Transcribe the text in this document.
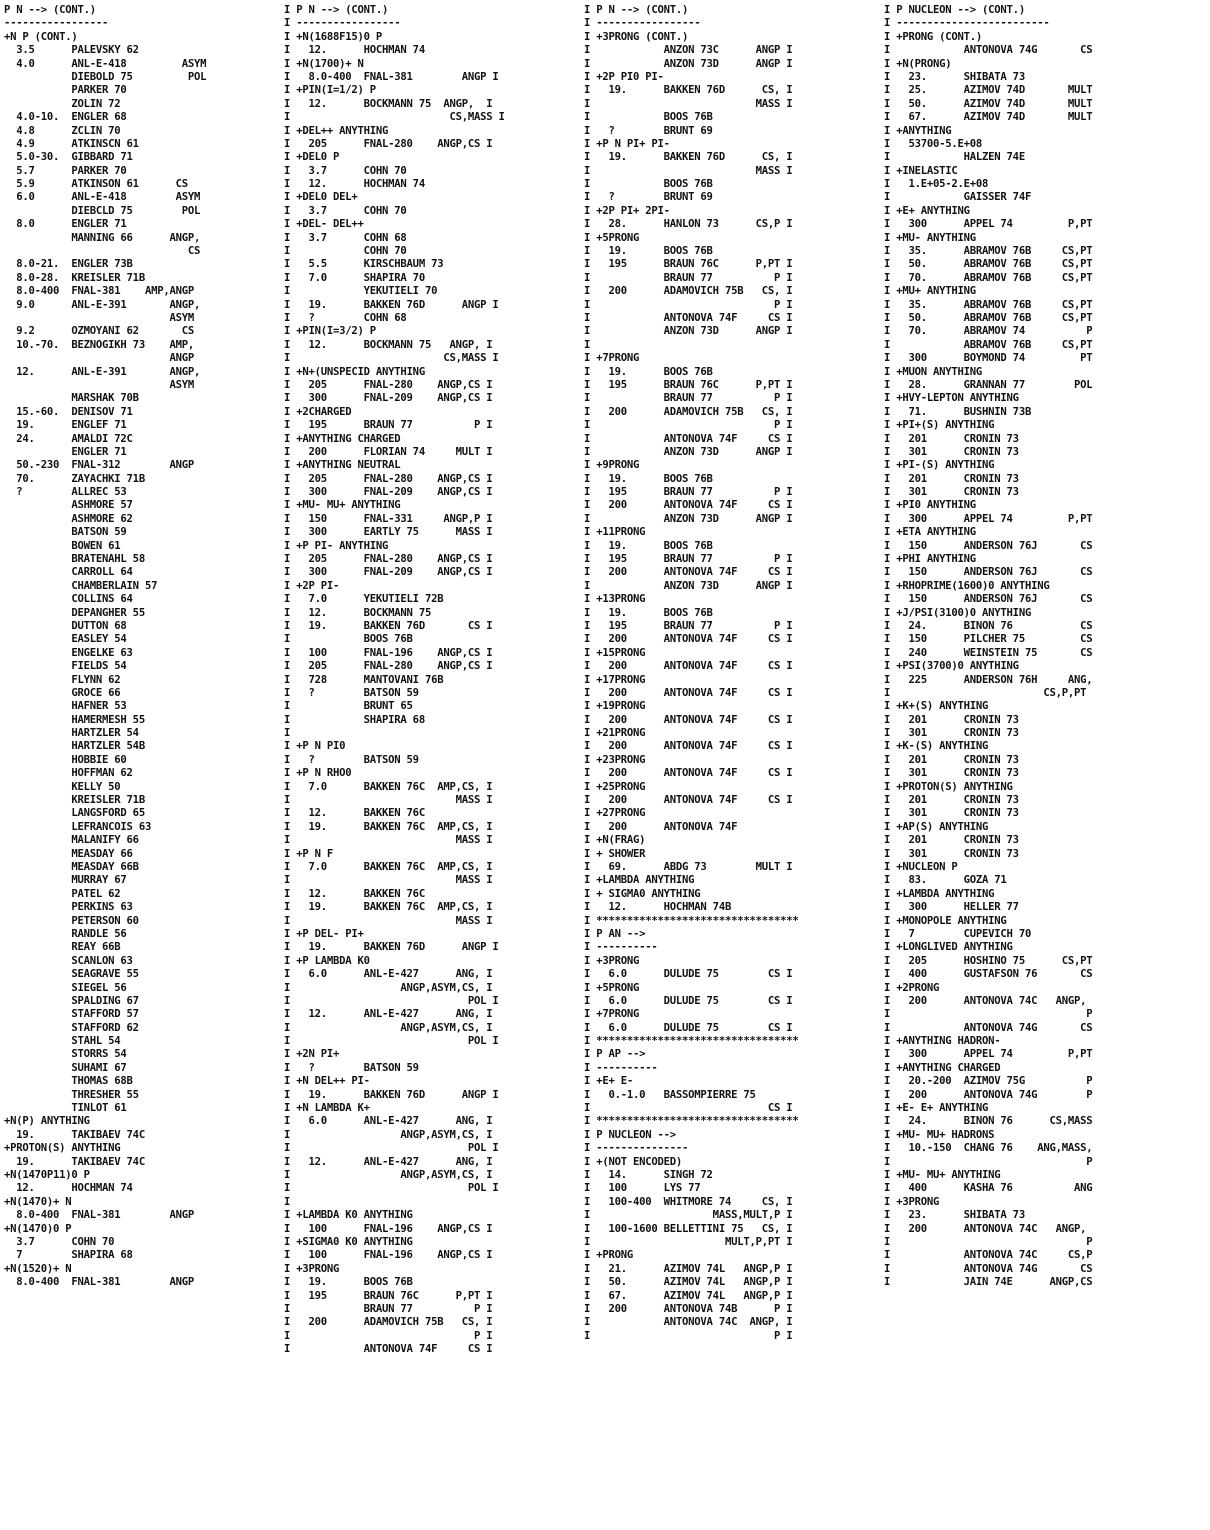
P N --> (CONT.)
-----------------
+N P (CONT.)
3.5      PALEVSKY 62
4.0      ANL-E-418         ASYM
DIEBOLD 75         POL
PARKER 70
ZOLIN 72
4.0-10.  ENGLER 68
4.8      ZCLIN 70
4.9      ATKINSCN 61
5.0-30.  GIBBARD 71
5.7      PARKER 70
5.9      ATKINSON 61      CS
6.0      ANL-E-418        ASYM
DIEBCLD 75        POL
8.0      ENGLER 71
MANNING 66      ANGP,
CS
8.0-21.  ENGLER 73B
8.0-28.  KREISLER 71B
8.0-400  FNAL-381    AMP,ANGP
9.0      ANL-E-391       ANGP,
ASYM
9.2      OZMOYANI 62       CS
10.-70.  BEZNOGIKH 73    AMP,
ANGP
12.      ANL-E-391       ANGP,
ASYM
MARSHAK 70B
15.-60.  DENISOV 71
19.      ENGLEF 71
24.      AMALDI 72C
ENGLER 71
50.-230  FNAL-312        ANGP
70.      ZAYACHKI 71B
?        ALLREC 53
ASHMORE 57
ASHMORE 62
BATSON 59
BOWEN 61
BRATENAHL 58
CARROLL 64
CHAMBERLAIN 57
COLLINS 64
DEPANGHER 55
DUTTON 68
EASLEY 54
ENGELKE 63
FIELDS 54
FLYNN 62
GROCE 66
HAFNER 53
HAMERMESH 55
HARTZLER 54
HARTZLER 54B
HOBBIE 60
HOFFMAN 62
KELLY 50
KREISLER 71B
LANGSFORD 65
LEFRANCOIS 63
MALANIFY 66
MEASDAY 66
MEASDAY 66B
MURRAY 67
PATEL 62
PERKINS 63
PETERSON 60
RANDLE 56
REAY 66B
SCANLON 63
SEAGRAVE 55
SIEGEL 56
SPALDING 67
STAFFORD 57
STAFFORD 62
STAHL 54
STORRS 54
SUHAMI 67
THOMAS 68B
THRESHER 55
TINLOT 61
+N(P) ANYTHING
19.      TAKIBAEV 74C
+PROTON(S) ANYTHING
19.      TAKIBAEV 74C
+N(1470P11)0 P
12.      HOCHMAN 74
+N(1470)+ N
8.0-400  FNAL-381        ANGP
+N(1470)0 P
3.7      COHN 70
7        SHAPIRA 68
+N(1520)+ N
8.0-400  FNAL-381        ANGP
I P N --> (CONT.)
I -----------------
I +N(1688F15)0 P
I   12.      HOCHMAN 74
I +N(1700)+ N
I   8.0-400  FNAL-381        ANGP I
I +PIN(I=1/2) P
I   12.      BOCKMANN 75  ANGP,  I
I                          CS,MASS I
I +DEL++ ANYTHING
I   205      FNAL-280    ANGP,CS I
I +DEL0 P
I   3.7      COHN 70
I   12.      HOCHMAN 74
I +DEL0 DEL+
I   3.7      COHN 70
I +DEL- DEL++
I   3.7      COHN 68
I            COHN 70
I   5.5      KIRSCHBAUM 73
I   7.0      SHAPIRA 70
I            YEKUTIELI 70
I   19.      BAKKEN 76D      ANGP I
I   ?        COHN 68
I +PIN(I=3/2) P
I   12.      BOCKMANN 75   ANGP, I
I                         CS,MASS I
I +N+(UNSPECID ANYTHING
I   205      FNAL-280    ANGP,CS I
I   300      FNAL-209    ANGP,CS I
I +2CHARGED
I   195      BRAUN 77          P I
I +ANYTHING CHARGED
I   200      FLORIAN 74     MULT I
I +ANYTHING NEUTRAL
I   205      FNAL-280    ANGP,CS I
I   300      FNAL-209    ANGP,CS I
I +MU- MU+ ANYTHING
I   150      FNAL-331     ANGP,P I
I   300      EARTLY 75      MASS I
I +P PI- ANYTHING
I   205      FNAL-280    ANGP,CS I
I   300      FNAL-209    ANGP,CS I
I +2P PI-
I   7.0      YEKUTIELI 72B
I   12.      BOCKMANN 75
I   19.      BAKKEN 76D       CS I
I            BOOS 76B
I   100      FNAL-196    ANGP,CS I
I   205      FNAL-280    ANGP,CS I
I   728      MANTOVANI 76B
I   ?        BATSON 59
I            BRUNT 65
I            SHAPIRA 68
I
I +P N PI0
I   ?        BATSON 59
I +P N RHO0
I   7.0      BAKKEN 76C  AMP,CS, I
I                           MASS I
I   12.      BAKKEN 76C
I   19.      BAKKEN 76C  AMP,CS, I
I                           MASS I
I +P N F
I   7.0      BAKKEN 76C  AMP,CS, I
I                           MASS I
I   12.      BAKKEN 76C
I   19.      BAKKEN 76C  AMP,CS, I
I                           MASS I
I +P DEL- PI+
I   19.      BAKKEN 76D      ANGP I
I +P LAMBDA K0
I   6.0      ANL-E-427      ANG, I
I                  ANGP,ASYM,CS, I
I                             POL I
I   12.      ANL-E-427      ANG, I
I                  ANGP,ASYM,CS, I
I                             POL I
I +2N PI+
I   ?        BATSON 59
I +N DEL++ PI-
I   19.      BAKKEN 76D      ANGP I
I +N LAMBDA K+
I   6.0      ANL-E-427      ANG, I
I                  ANGP,ASYM,CS, I
I                             POL I
I   12.      ANL-E-427      ANG, I
I                  ANGP,ASYM,CS, I
I                             POL I
I
I +LAMBDA K0 ANYTHING
I   100      FNAL-196    ANGP,CS I
I +SIGMA0 K0 ANYTHING
I   100      FNAL-196    ANGP,CS I
I +3PRONG
I   19.      BOOS 76B
I   195      BRAUN 76C      P,PT I
I            BRAUN 77          P I
I   200      ADAMOVICH 75B   CS, I
I                              P I
I            ANTONOVA 74F     CS I
I P N --> (CONT.)
I -----------------
I +3PRONG (CONT.)
I            ANZON 73C      ANGP I
I            ANZON 73D      ANGP I
I +2P PI0 PI-
I   19.      BAKKEN 76D      CS, I
I                           MASS I
I            BOOS 76B
I   ?        BRUNT 69
I +P N PI+ PI-
I   19.      BAKKEN 76D      CS, I
I                           MASS I
I            BOOS 76B
I   ?        BRUNT 69
I +2P PI+ 2PI-
I   28.      HANLON 73      CS,P I
I +5PRONG
I   19.      BOOS 76B
I   195      BRAUN 76C      P,PT I
I            BRAUN 77          P I
I   200      ADAMOVICH 75B   CS, I
I                              P I
I            ANTONOVA 74F     CS I
I            ANZON 73D      ANGP I
I
I +7PRONG
I   19.      BOOS 76B
I   195      BRAUN 76C      P,PT I
I            BRAUN 77          P I
I   200      ADAMOVICH 75B   CS, I
I                              P I
I            ANTONOVA 74F     CS I
I            ANZON 73D      ANGP I
I +9PRONG
I   19.      BOOS 76B
I   195      BRAUN 77          P I
I   200      ANTONOVA 74F     CS I
I            ANZON 73D      ANGP I
I +11PRONG
I   19.      BOOS 76B
I   195      BRAUN 77          P I
I   200      ANTONOVA 74F     CS I
I            ANZON 73D      ANGP I
I +13PRONG
I   19.      BOOS 76B
I   195      BRAUN 77          P I
I   200      ANTONOVA 74F     CS I
I +15PRONG
I   200      ANTONOVA 74F     CS I
I +17PRONG
I   200      ANTONOVA 74F     CS I
I +19PRONG
I   200      ANTONOVA 74F     CS I
I +21PRONG
I   200      ANTONOVA 74F     CS I
I +23PRONG
I   200      ANTONOVA 74F     CS I
I +25PRONG
I   200      ANTONOVA 74F     CS I
I +27PRONG
I   200      ANTONOVA 74F
I +N(FRAG)
I + SHOWER
I   69.      ABDG 73        MULT I
I +LAMBDA ANYTHING
I + SIGMA0 ANYTHING
I   12.      HOCHMAN 74B
I *********************************
I P AN -->
I ----------
I +3PRONG
I   6.0      DULUDE 75        CS I
I +5PRONG
I   6.0      DULUDE 75        CS I
I +7PRONG
I   6.0      DULUDE 75        CS I
I *********************************
I P AP -->
I ----------
I +E+ E-
I   0.-1.0   BASSOMPIERRE 75
I                             CS I
I *********************************
I P NUCLEON -->
I ---------------
I +(NOT ENCODED)
I   14.      SINGH 72
I   100      LYS 77
I   100-400  WHITMORE 74     CS, I
I                    MASS,MULT,P I
I   100-1600 BELLETTINI 75   CS, I
I                      MULT,P,PT I
I +PRONG
I   21.      AZIMOV 74L   ANGP,P I
I   50.      AZIMOV 74L   ANGP,P I
I   67.      AZIMOV 74L   ANGP,P I
I   200      ANTONOVA 74B      P I
I            ANTONOVA 74C  ANGP, I
I                              P I
I P NUCLEON --> (CONT.)
I -------------------------
I +PRONG (CONT.)
I            ANTONOVA 74G       CS
I +N(PRONG)
I   23.      SHIBATA 73
I   25.      AZIMOV 74D       MULT
I   50.      AZIMOV 74D       MULT
I   67.      AZIMOV 74D       MULT
I +ANYTHING
I   53700-5.E+08
I            HALZEN 74E
I +INELASTIC
I   1.E+05-2.E+08
I            GAISSER 74F
I +E+ ANYTHING
I   300      APPEL 74         P,PT
I +MU- ANYTHING
I   35.      ABRAMOV 76B     CS,PT
I   50.      ABRAMOV 76B     CS,PT
I   70.      ABRAMOV 76B     CS,PT
I +MU+ ANYTHING
I   35.      ABRAMOV 76B     CS,PT
I   50.      ABRAMOV 76B     CS,PT
I   70.      ABRAMOV 74          P
I            ABRAMOV 76B     CS,PT
I   300      BOYMOND 74         PT
I +MUON ANYTHING
I   28.      GRANNAN 77        POL
I +HVY-LEPTON ANYTHING
I   71.      BUSHNIN 73B
I +PI+(S) ANYTHING
I   201      CRONIN 73
I   301      CRONIN 73
I +PI-(S) ANYTHING
I   201      CRONIN 73
I   301      CRONIN 73
I +PI0 ANYTHING
I   300      APPEL 74         P,PT
I +ETA ANYTHING
I   150      ANDERSON 76J       CS
I +PHI ANYTHING
I   150      ANDERSON 76J       CS
I +RHOPRIME(1600)0 ANYTHING
I   150      ANDERSON 76J       CS
I +J/PSI(3100)0 ANYTHING
I   24.      BINON 76           CS
I   150      PILCHER 75         CS
I   240      WEINSTEIN 75       CS
I +PSI(3700)0 ANYTHING
I   225      ANDERSON 76H     ANG,
I                         CS,P,PT
I +K+(S) ANYTHING
I   201      CRONIN 73
I   301      CRONIN 73
I +K-(S) ANYTHING
I   201      CRONIN 73
I   301      CRONIN 73
I +PROTON(S) ANYTHING
I   201      CRONIN 73
I   301      CRONIN 73
I +AP(S) ANYTHING
I   201      CRONIN 73
I   301      CRONIN 73
I +NUCLEON P
I   83.      GOZA 71
I +LAMBDA ANYTHING
I   300      HELLER 77
I +MONOPOLE ANYTHING
I   7        CUPEVICH 70
I +LONGLIVED ANYTHING
I   205      HOSHINO 75      CS,PT
I   400      GUSTAFSON 76       CS
I +2PRONG
I   200      ANTONOVA 74C   ANGP,
I                                P
I            ANTONOVA 74G       CS
I +ANYTHING HADRON-
I   300      APPEL 74         P,PT
I +ANYTHING CHARGED
I   20.-200  AZIMOV 75G          P
I   200      ANTONOVA 74G        P
I +E- E+ ANYTHING
I   24.      BINON 76      CS,MASS
I +MU- MU+ HADRONS
I   10.-150  CHANG 76    ANG,MASS,
I                                P
I +MU- MU+ ANYTHING
I   400      KASHA 76          ANG
I +3PRONG
I   23.      SHIBATA 73
I   200      ANTONOVA 74C   ANGP,
I                                P
I            ANTONOVA 74C     CS,P
I            ANTONOVA 74G       CS
I            JAIN 74E      ANGP,CS
